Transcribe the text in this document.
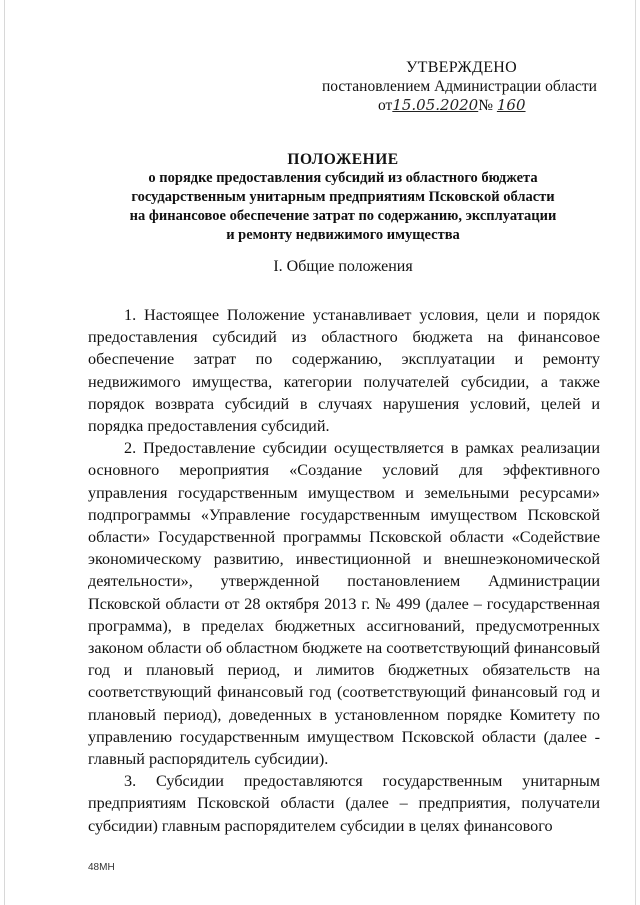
УТВЕРЖДЕНО
постановлением Администрации области
от15.05.2020№ 160
ПОЛОЖЕНИЕ
о порядке предоставления субсидий из областного бюджета
государственным унитарным предприятиям Псковской области
на финансовое обеспечение затрат по содержанию, эксплуатации
и ремонту недвижимого имущества
I. Общие положения

1. Настоящее Положение устанавливает условия, цели и порядок предоставления субсидий из областного бюджета на финансовое обеспечение затрат по содержанию, эксплуатации и ремонту недвижимого имущества, категории получателей субсидии, а также порядок возврата субсидий в случаях нарушения условий, целей и порядка предоставления субсидий.

2. Предоставление субсидии осуществляется в рамках реализации основного мероприятия «Создание условий для эффективного управления государственным имуществом и земельными ресурсами» подпрограммы «Управление государственным имуществом Псковской области» Государственной программы Псковской области «Содействие экономическому развитию, инвестиционной и внешнеэкономической деятельности», утвержденной постановлением Администрации Псковской области от 28 октября 2013 г. № 499 (далее – государственная программа), в пределах бюджетных ассигнований, предусмотренных законом области об областном бюджете на соответствующий финансовый год и плановый период, и лимитов бюджетных обязательств на соответствующий финансовый год (соответствующий финансовый год и плановый период), доведенных в установленном порядке Комитету по управлению государственным имуществом Псковской области (далее - главный распорядитель субсидии).

3. Субсидии предоставляются государственным унитарным предприятиям Псковской области (далее – предприятия, получатели субсидии) главным распорядителем субсидии в целях финансового

48МН
